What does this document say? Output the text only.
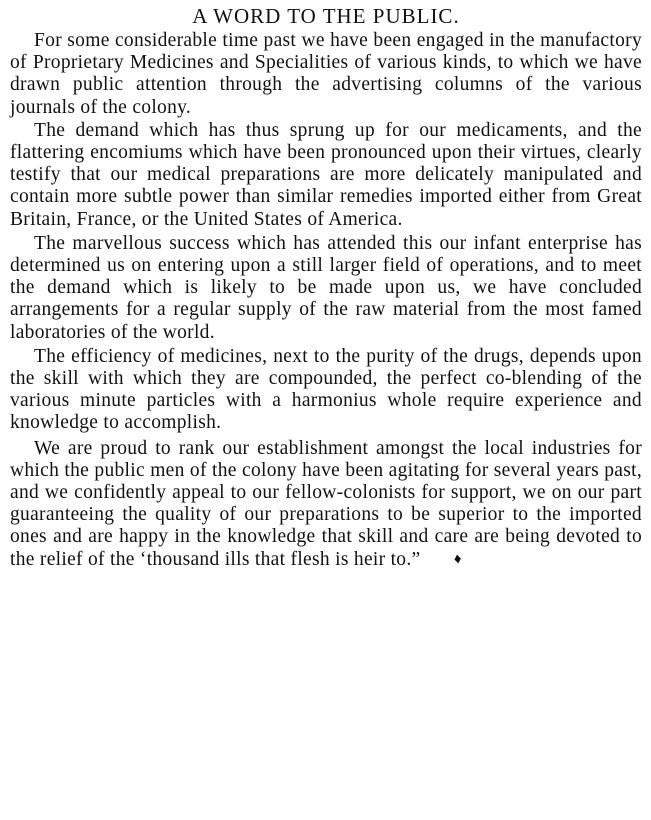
A WORD TO THE PUBLIC.

For some considerable time past we have been engaged in the manufactory of Proprietary Medicines and Specialities of various kinds, to which we have drawn public attention through the advertising columns of the various journals of the colony.

The demand which has thus sprung up for our medicaments, and the flattering encomiums which have been pronounced upon their virtues, clearly testify that our medical preparations are more delicately manipulated and contain more subtle power than similar remedies imported either from Great Britain, France, or the United States of America.

The marvellous success which has attended this our infant enterprise has determined us on entering upon a still larger field of operations, and to meet the demand which is likely to be made upon us, we have concluded arrangements for a regular supply of the raw material from the most famed laboratories of the world.

The efficiency of medicines, next to the purity of the drugs, depends upon the skill with which they are compounded, the perfect co-blending of the various minute particles with a harmonius whole require experience and knowledge to accomplish.

We are proud to rank our establishment amongst the local industries for which the public men of the colony have been agitating for several years past, and we confidently appeal to our fellow-colonists for support, we on our part guaranteeing the quality of our preparations to be superior to the imported ones and are happy in the knowledge that skill and care are being devoted to the relief of the ‘thousand ills that flesh is heir to.” ♦
